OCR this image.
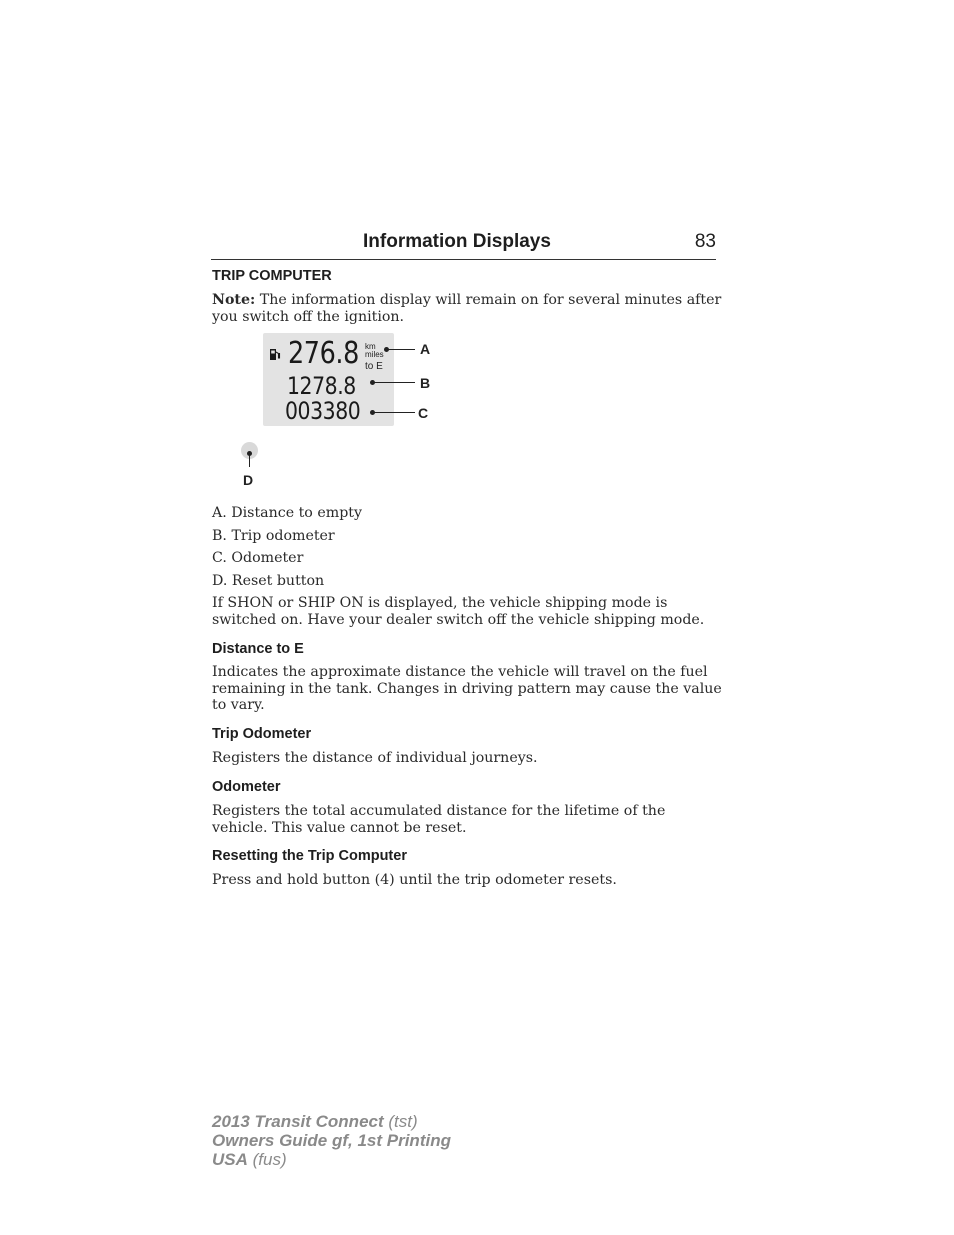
Information Displays	83
TRIP COMPUTER
Note: The information display will remain on for several minutes after you switch off the ignition.
276.8 km
miles
to E
1278.8
003380
A
B
C
D
A. Distance to empty
B. Trip odometer
C. Odometer
D. Reset button
If SHON or SHIP ON is displayed, the vehicle shipping mode is switched on. Have your dealer switch off the vehicle shipping mode.
Distance to E
Indicates the approximate distance the vehicle will travel on the fuel remaining in the tank. Changes in driving pattern may cause the value to vary.
Trip Odometer
Registers the distance of individual journeys.
Odometer
Registers the total accumulated distance for the lifetime of the vehicle. This value cannot be reset.
Resetting the Trip Computer
Press and hold button (4) until the trip odometer resets.
2013 Transit Connect (tst)
Owners Guide gf, 1st Printing
USA (fus)
